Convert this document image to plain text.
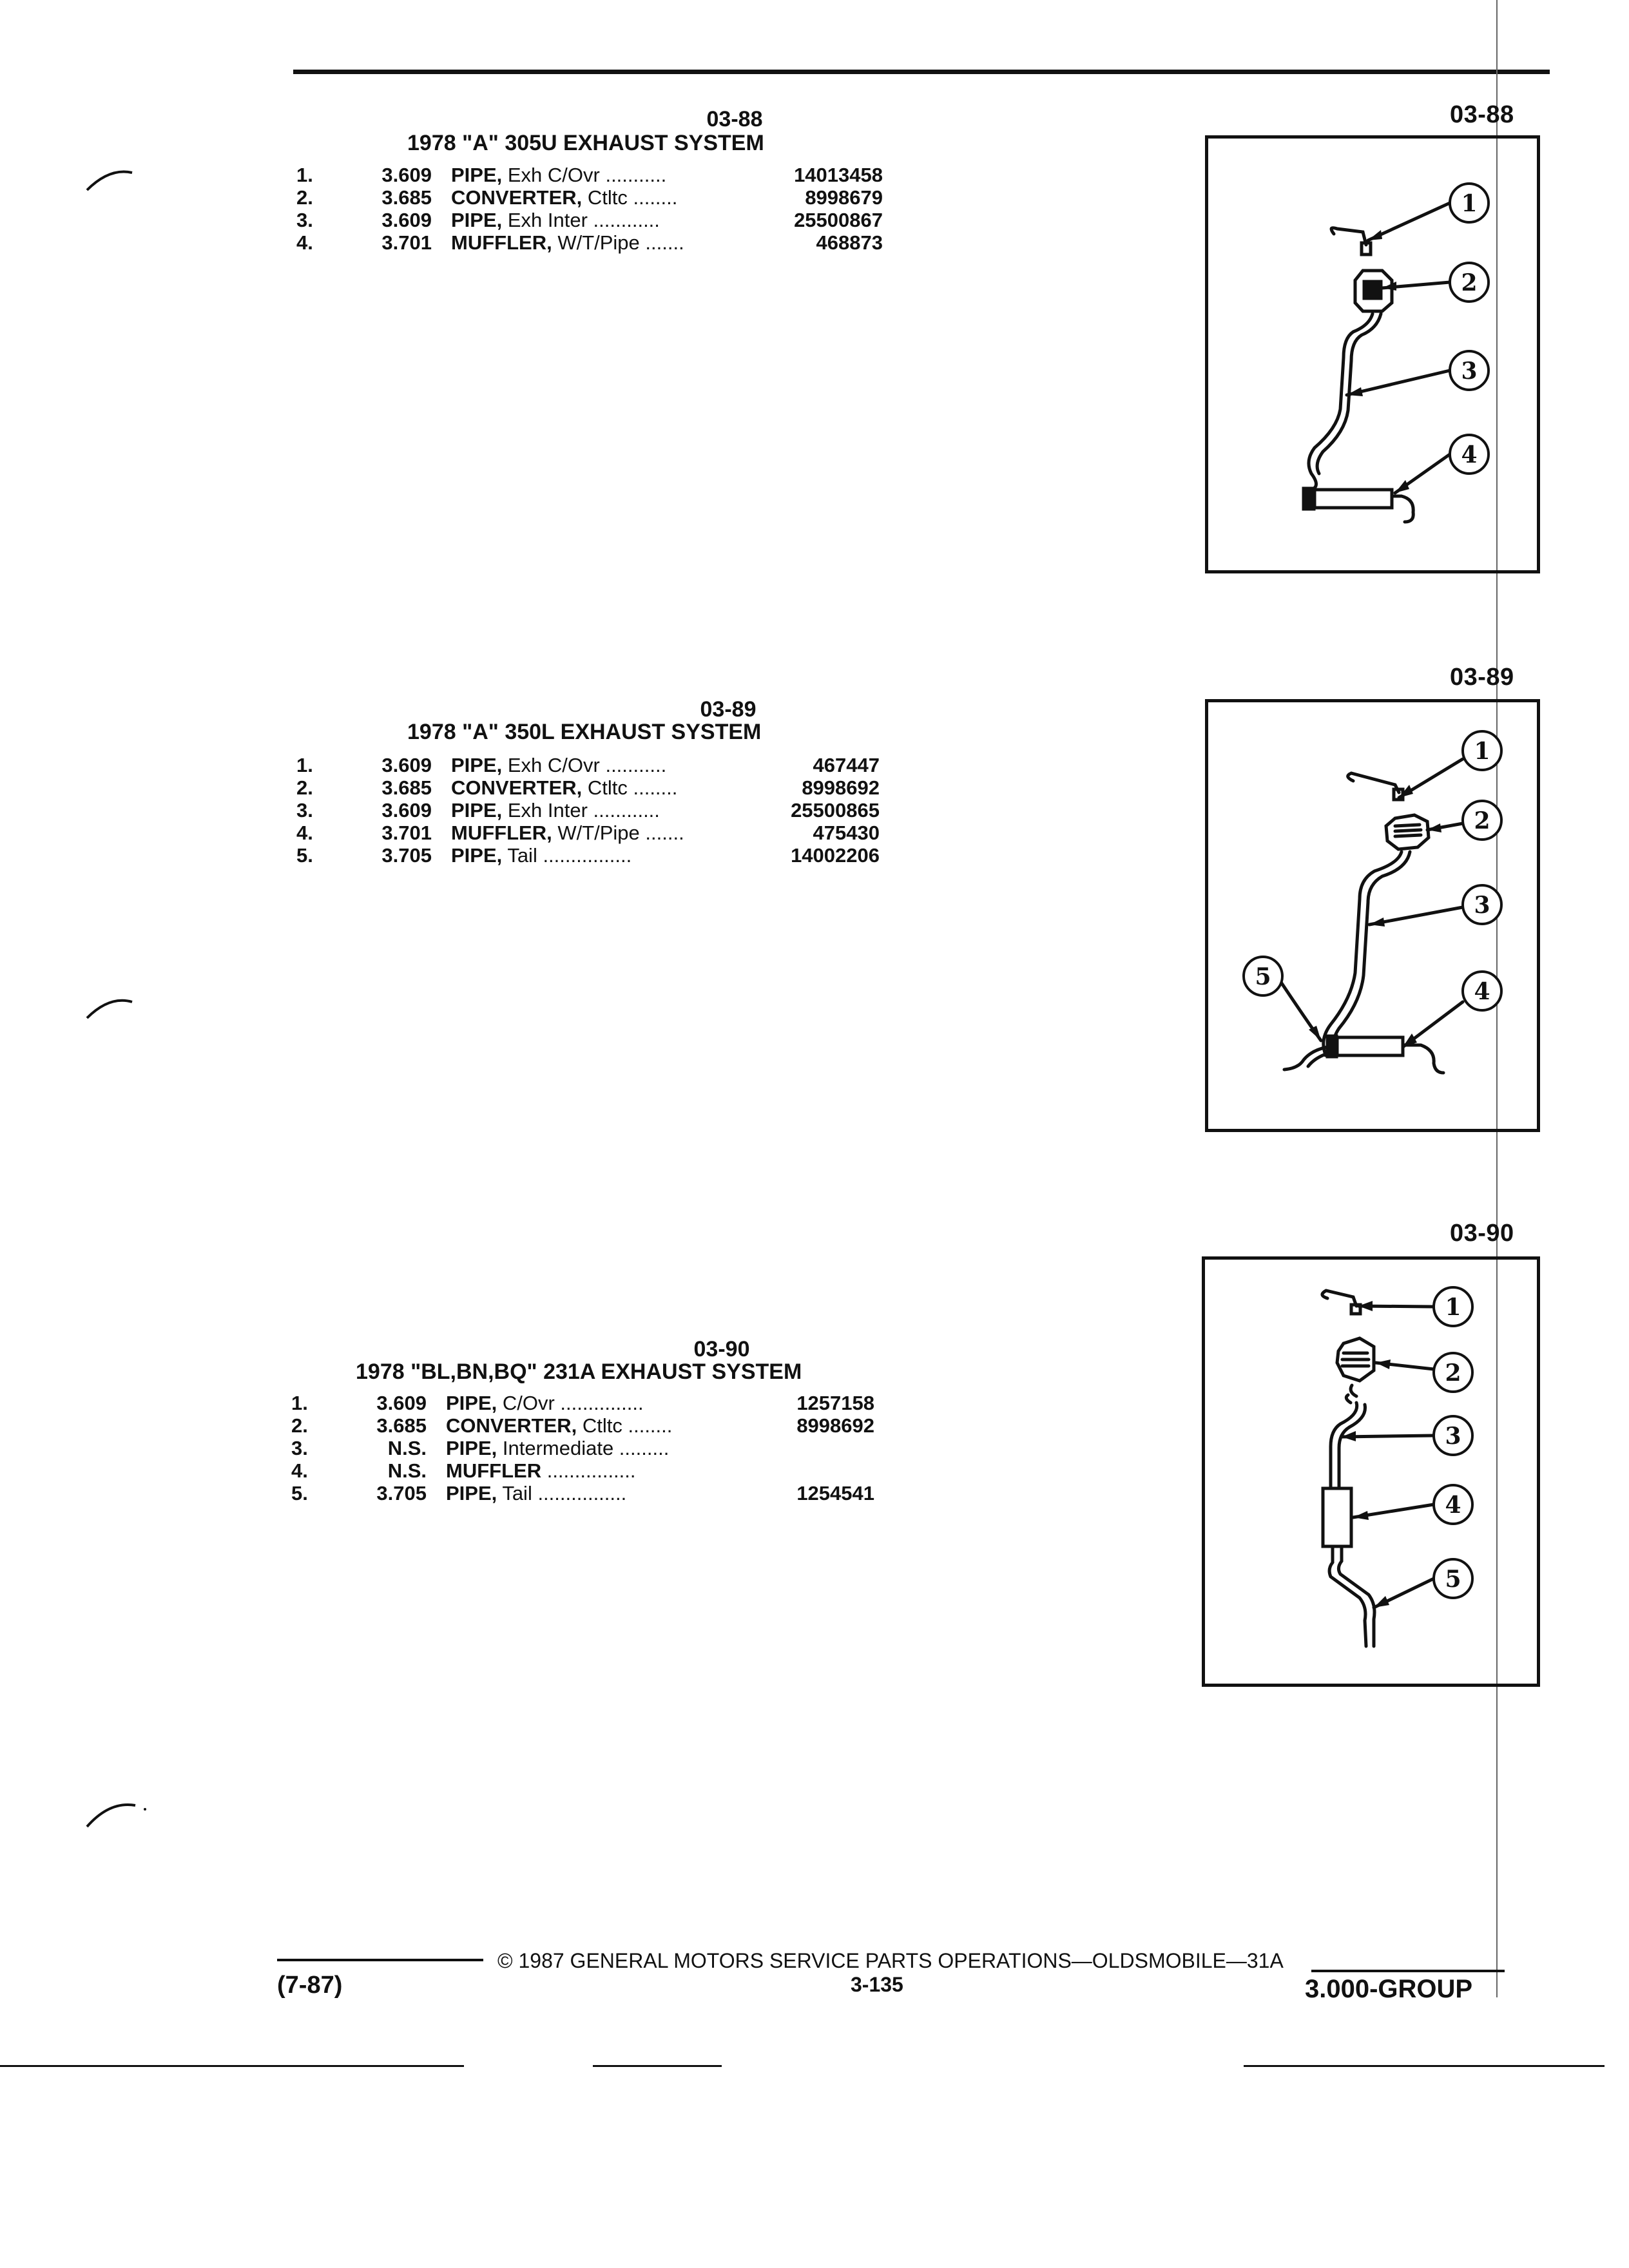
03-88
1978 "A" 305U EXHAUST SYSTEM
1.	3.609 PIPE, Exh C/Ovr ...........	14013458
2.	3.685 CONVERTER, Ctltc ........	8998679
3.	3.609 PIPE, Exh Inter ............	25500867
4.	3.701 MUFFLER, W/T/Pipe .......	468873
03-88
1
2
3
4
03-89
1978 "A" 350L EXHAUST SYSTEM
1.	3.609 PIPE, Exh C/Ovr ...........	467447
2.	3.685 CONVERTER, Ctltc ........	8998692
3.	3.609 PIPE, Exh Inter ............	25500865
4.	3.701 MUFFLER, W/T/Pipe .......	475430
5.	3.705 PIPE, Tail ................	14002206
03-89
1
2
3
4
5
03-90
1978 "BL,BN,BQ" 231A EXHAUST SYSTEM
1.	3.609 PIPE, C/Ovr ...............	1257158
2.	3.685 CONVERTER, Ctltc ........	8998692
3.	N.S. PIPE, Intermediate .........
4.	N.S. MUFFLER ................
5.	3.705 PIPE, Tail ................	1254541
03-90
1
2
3
4
5
© 1987 GENERAL MOTORS SERVICE PARTS OPERATIONS—OLDSMOBILE—31A
3-135
(7-87)	3.000-GROUP
